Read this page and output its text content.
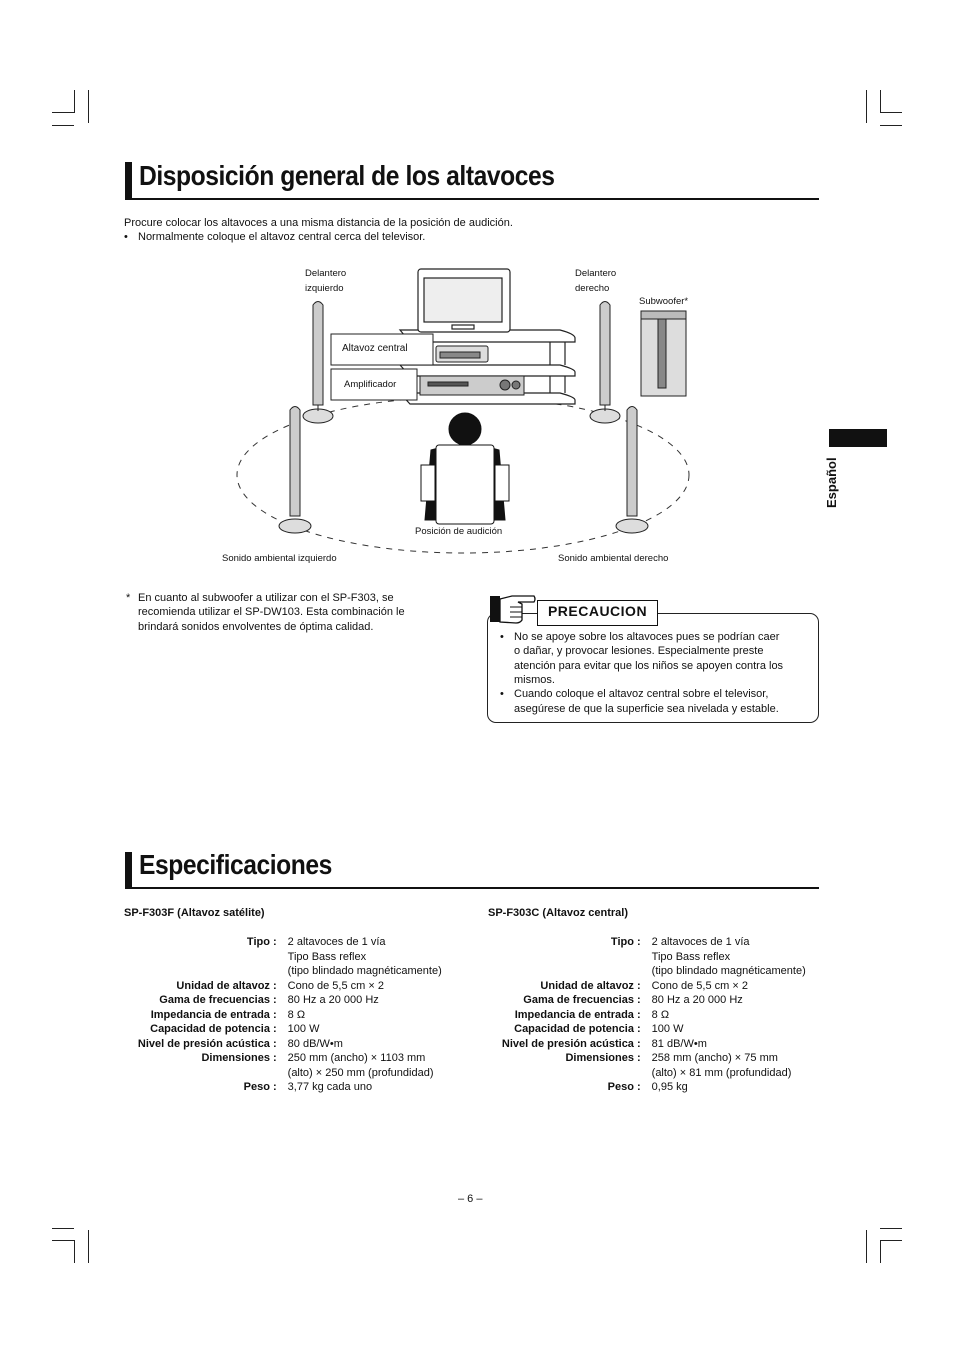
Disposición general de los altavoces
Procure colocar los altavoces a una misma distancia de la posición de audición.
• Normalmente coloque el altavoz central cerca del televisor.
Delantero
izquierdo
Delantero
derecho
Subwoofer*
Altavoz central
Amplificador
Posición de audición
Sonido ambiental izquierdo	Sonido ambiental derecho
* En cuanto al subwoofer a utilizar con el SP-F303, se
recomienda utilizar el SP-DW103. Esta combinación le
brindará sonidos envolventes de óptima calidad.
PRECAUCION
• No se apoye sobre los altavoces pues se podrían caer
o dañar, y provocar lesiones. Especialmente preste
atención para evitar que los niños se apoyen contra los
mismos.
• Cuando coloque el altavoz central sobre el televisor,
asegúrese de que la superficie sea nivelada y estable.
Español
Especificaciones
SP-F303F (Altavoz satélite)	SP-F303C (Altavoz central)
Tipo :	2 altavoces de 1 vía
Tipo Bass reflex
(tipo blindado magnéticamente)

Unidad de altavoz :	Cono de 5,5 cm × 2

Gama de frecuencias :	80 Hz a 20 000 Hz

Impedancia de entrada :	8 Ω

Capacidad de potencia :	100 W

Nivel de presión acústica :	80 dB/W•m

Dimensiones :	250 mm (ancho) × 1103 mm
(alto) × 250 mm (profundidad)

Peso :	3,77 kg cada uno
Tipo :	2 altavoces de 1 vía
Tipo Bass reflex
(tipo blindado magnéticamente)

Unidad de altavoz :	Cono de 5,5 cm × 2

Gama de frecuencias :	80 Hz a 20 000 Hz

Impedancia de entrada :	8 Ω

Capacidad de potencia :	100 W

Nivel de presión acústica :	81 dB/W•m

Dimensiones :	258 mm (ancho) × 75 mm
(alto) × 81 mm (profundidad)

Peso :	0,95 kg
– 6 –
